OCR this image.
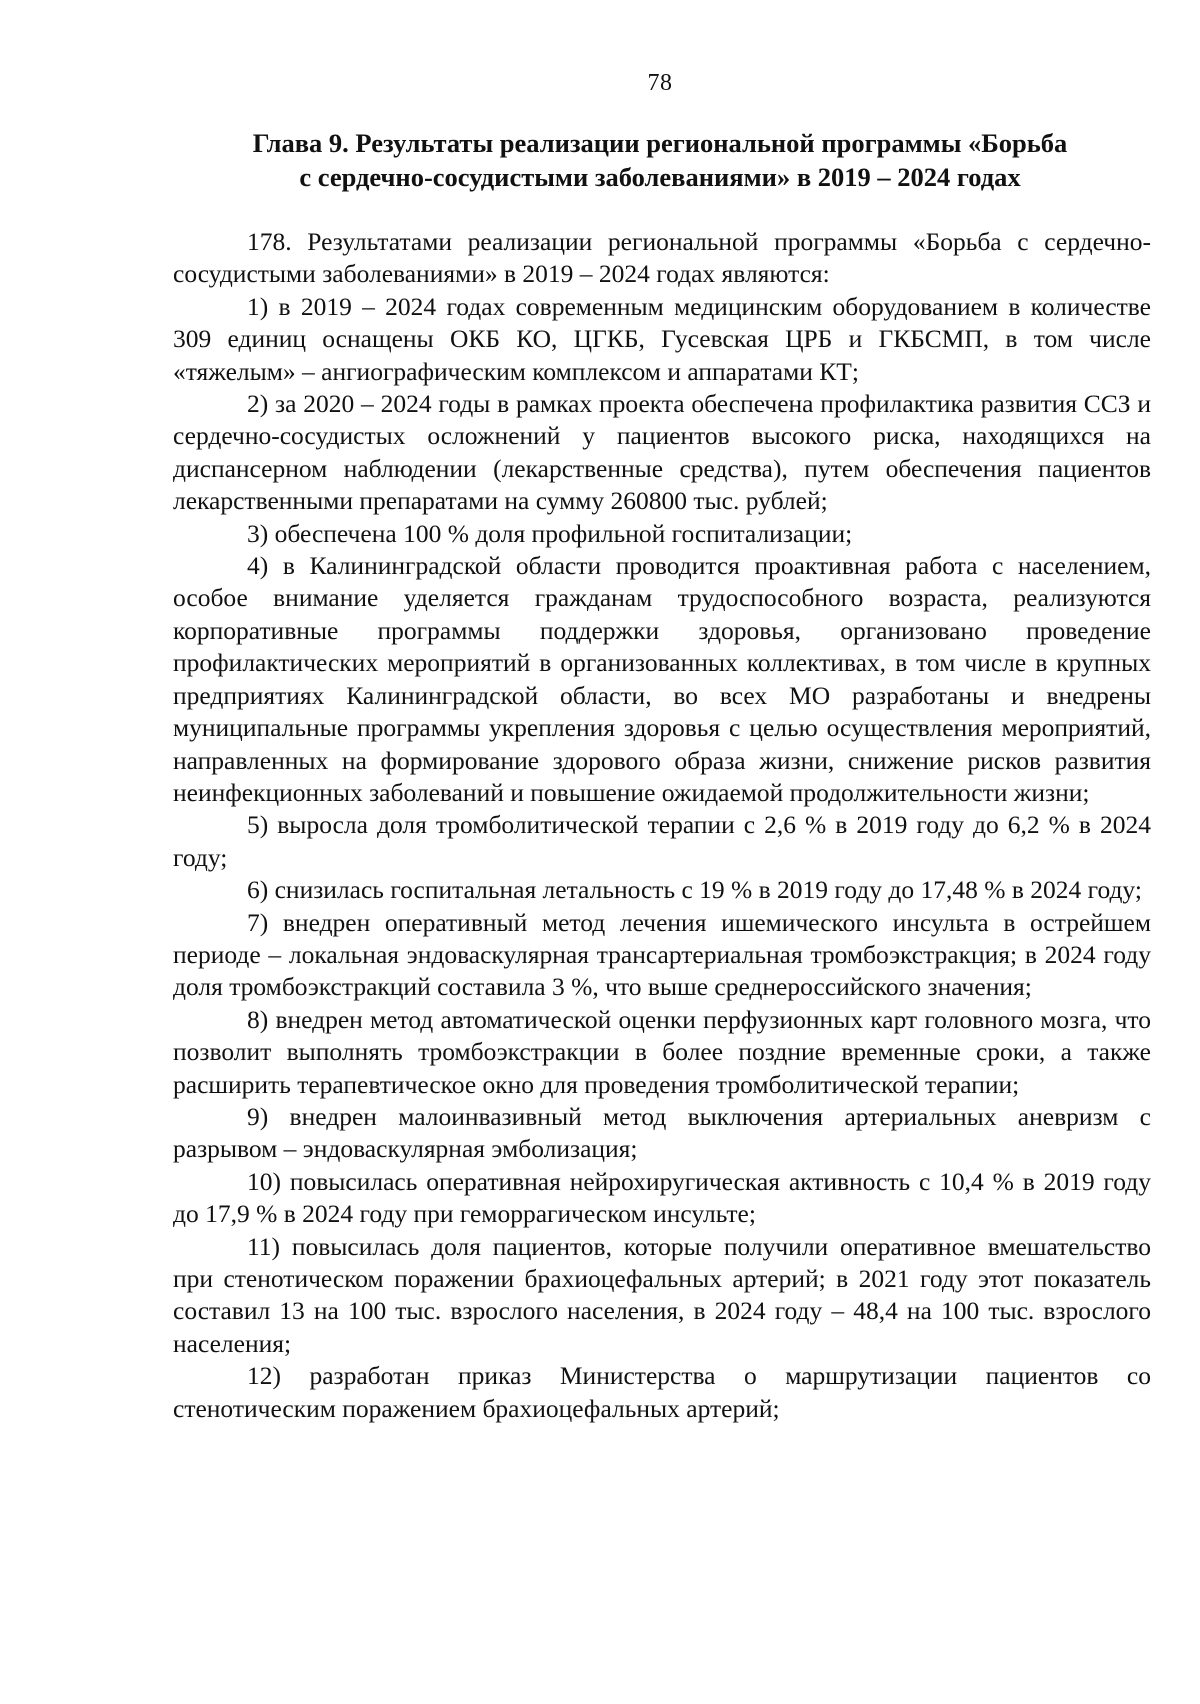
78
Глава 9. Результаты реализации региональной программы «Борьба
с сердечно-сосудистыми заболеваниями» в 2019 – 2024 годах

178. Результатами реализации региональной программы «Борьба с сердечно-сосудистыми заболеваниями» в 2019 – 2024 годах являются:

1) в 2019 – 2024 годах современным медицинским оборудованием в количестве 309 единиц оснащены ОКБ КО, ЦГКБ, Гусевская ЦРБ и ГКБСМП, в том числе «тяжелым» – ангиографическим комплексом и аппаратами КТ;

2) за 2020 – 2024 годы в рамках проекта обеспечена профилактика развития ССЗ и сердечно-сосудистых осложнений у пациентов высокого риска, находящихся на диспансерном наблюдении (лекарственные средства), путем обеспечения пациентов лекарственными препаратами на сумму 260800 тыс. рублей;

3) обеспечена 100 % доля профильной госпитализации;

4) в Калининградской области проводится проактивная работа с населением, особое внимание уделяется гражданам трудоспособного возраста, реализуются корпоративные программы поддержки здоровья, организовано проведение профилактических мероприятий в организованных коллективах, в том числе в крупных предприятиях Калининградской области, во всех МО разработаны и внедрены муниципальные программы укрепления здоровья с целью осуществления мероприятий, направленных на формирование здорового образа жизни, снижение рисков развития неинфекционных заболеваний и повышение ожидаемой продолжительности жизни;

5) выросла доля тромболитической терапии с 2,6 % в 2019 году до 6,2 % в 2024 году;

6) снизилась госпитальная летальность с 19 % в 2019 году до 17,48 % в 2024 году;

7) внедрен оперативный метод лечения ишемического инсульта в острейшем периоде – локальная эндоваскулярная трансартериальная тромбоэкстракция; в 2024 году доля тромбоэкстракций составила 3 %, что выше среднероссийского значения;

8) внедрен метод автоматической оценки перфузионных карт головного мозга, что позволит выполнять тромбоэкстракции в более поздние временные сроки, а также расширить терапевтическое окно для проведения тромболитической терапии;

9) внедрен малоинвазивный метод выключения артериальных аневризм с разрывом – эндоваскулярная эмболизация;

10) повысилась оперативная нейрохиругическая активность с 10,4 % в 2019 году до 17,9 % в 2024 году при геморрагическом инсульте;

11) повысилась доля пациентов, которые получили оперативное вмешательство при стенотическом поражении брахиоцефальных артерий; в 2021 году этот показатель составил 13 на 100 тыс. взрослого населения, в 2024 году – 48,4 на 100 тыс. взрослого населения;

12) разработан приказ Министерства о маршрутизации пациентов со стенотическим поражением брахиоцефальных артерий;
